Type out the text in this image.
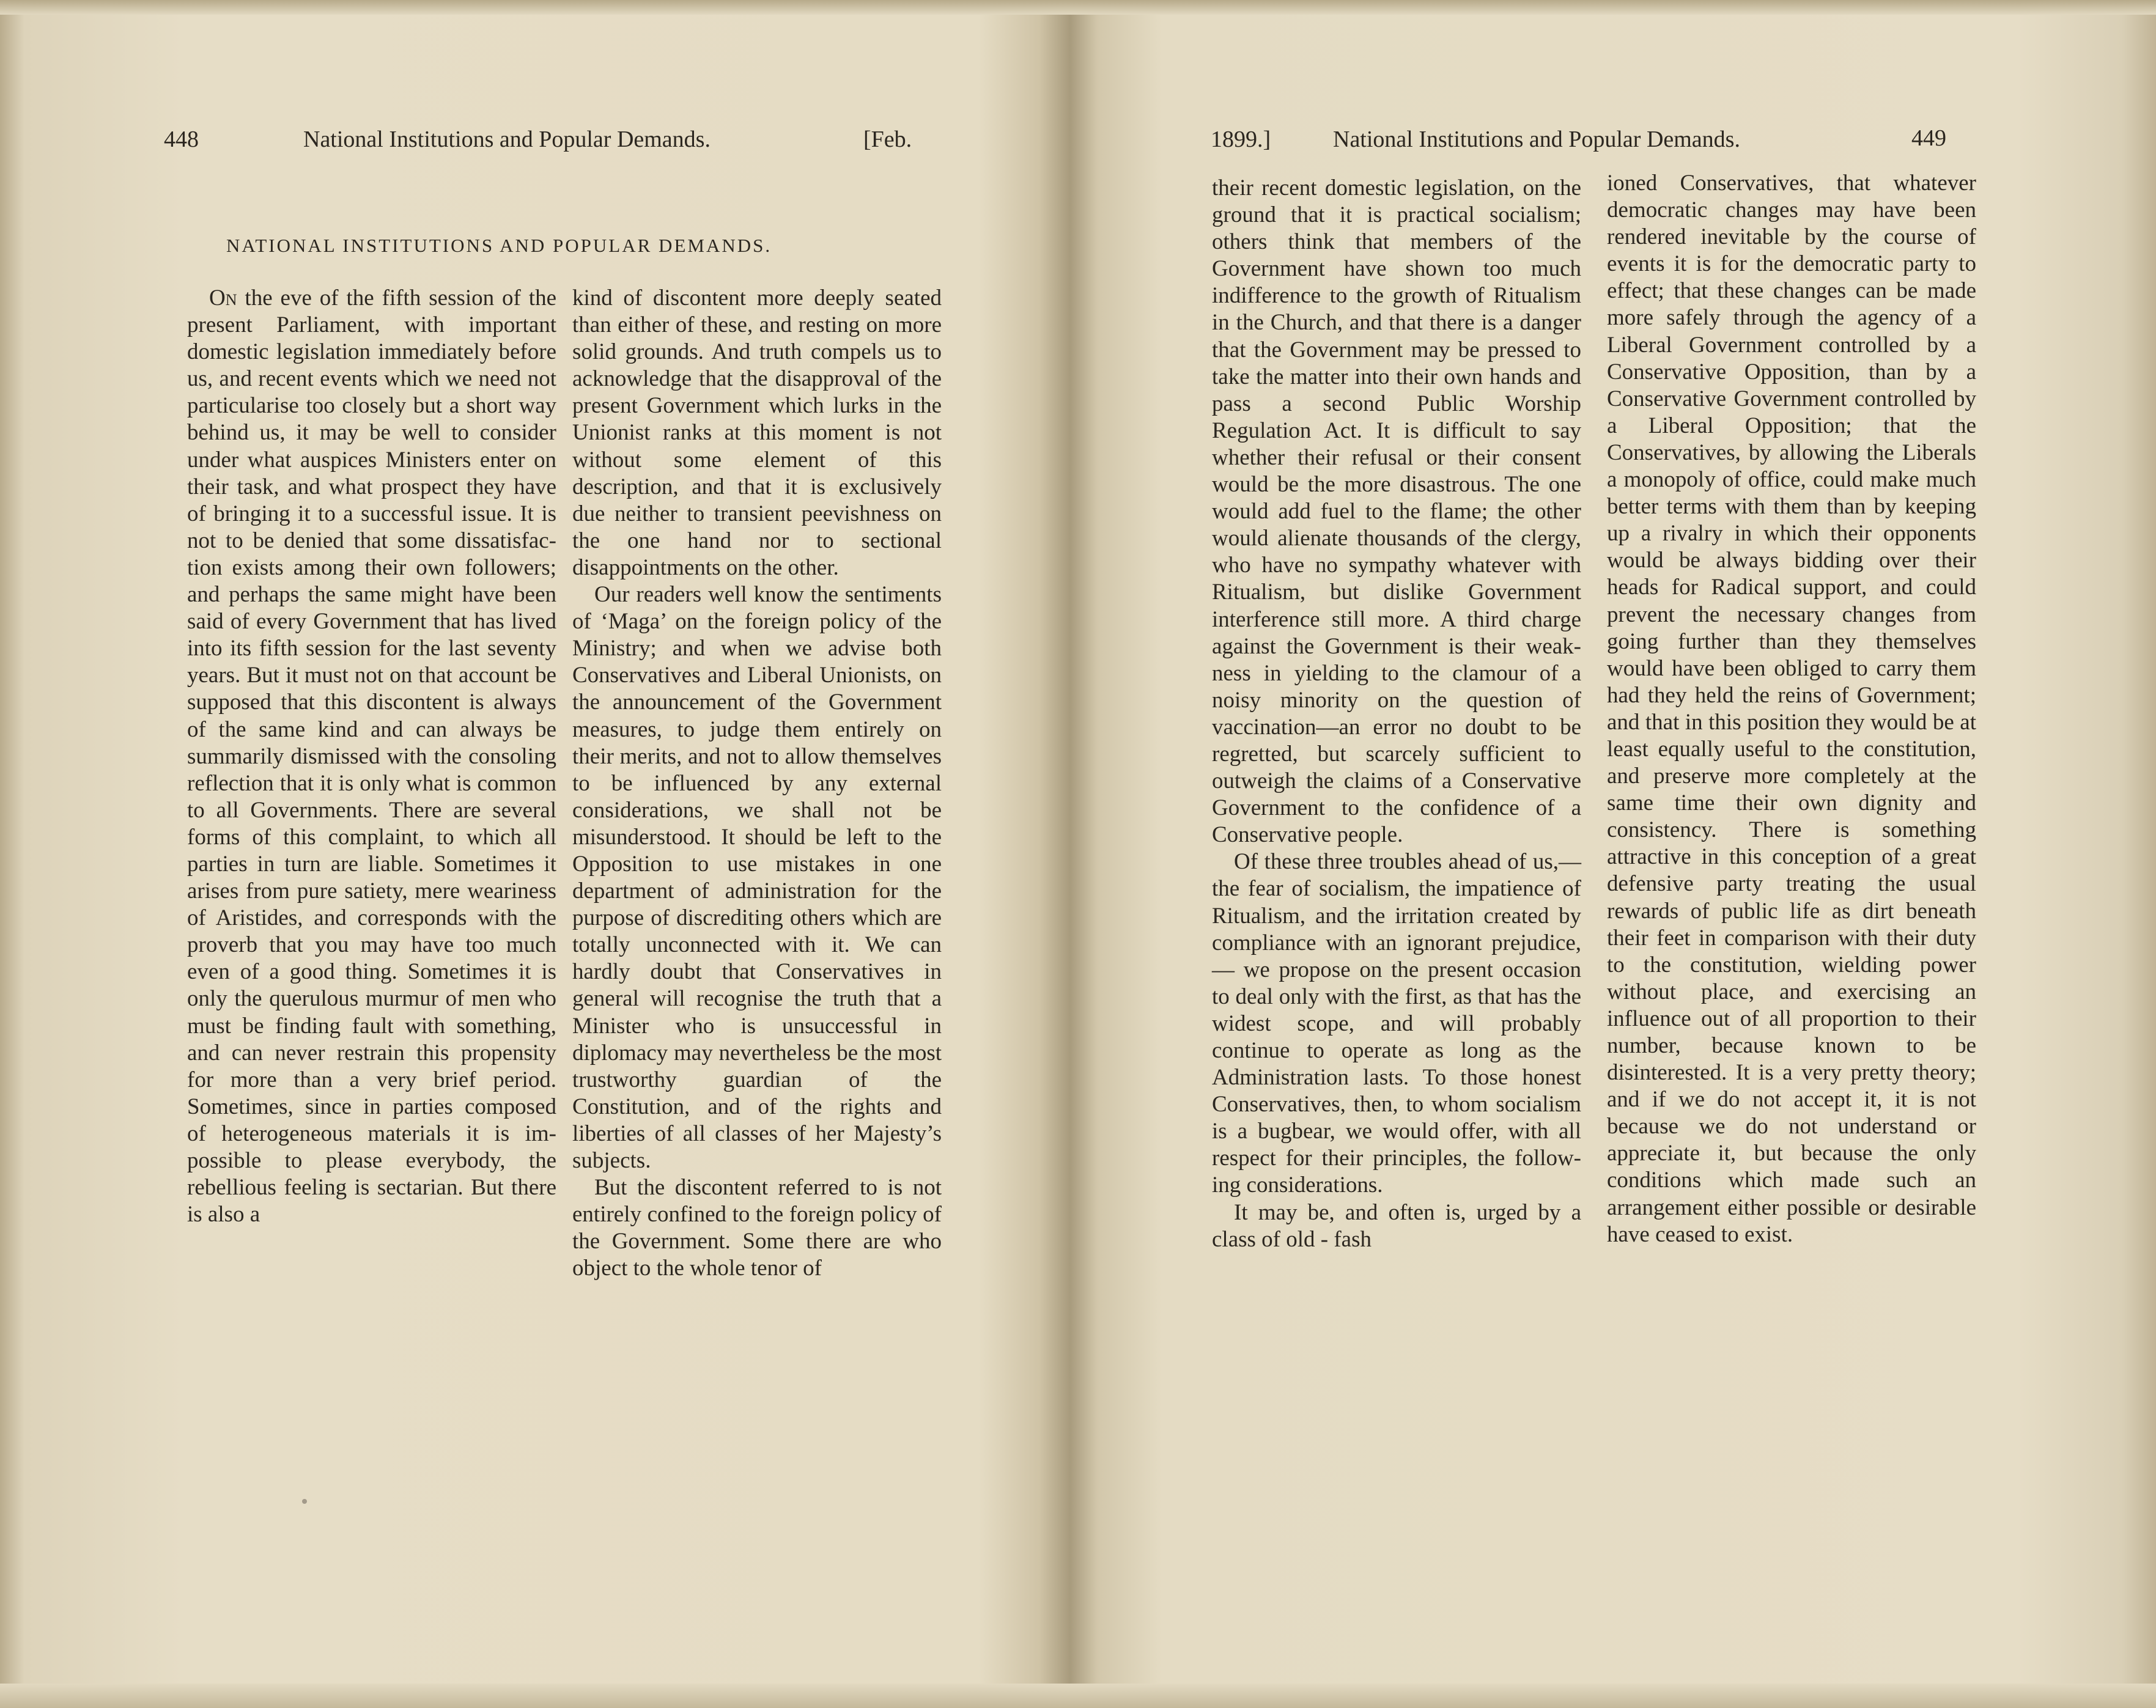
448	National Institutions and Popular Demands.	[Feb.
NATIONAL INSTITUTIONS AND POPULAR DEMANDS.

On the eve of the fifth session of the present Parliament, with important domestic legislation immediately before us, and recent events which we need not particularise too closely but a short way behind us, it may be well to consider under what auspices Ministers enter on their task, and what prospect they have of bringing it to a successful issue. It is not to be denied that some dissatisfaction exists among their own followers; and perhaps the same might have been said of every Government that has lived into its fifth session for the last seventy years. But it must not on that account be supposed that this discontent is always of the same kind and can always be summarily dismissed with the consoling reflection that it is only what is common to all Governments. There are several forms of this complaint, to which all parties in turn are liable. Sometimes it arises from pure satiety, mere weariness of Aristides, and corresponds with the proverb that you may have too much even of a good thing. Sometimes it is only the querulous murmur of men who must be finding fault with something, and can never restrain this propensity for more than a very brief period. Sometimes, since in parties composed of heterogeneous materials it is impossible to please everybody, the rebellious feeling is sectarian. But there is also a

kind of discontent more deeply seated than either of these, and resting on more solid grounds. And truth compels us to acknowledge that the disapproval of the present Government which lurks in the Unionist ranks at this moment is not without some element of this description, and that it is exclusively due neither to transient peevishness on the one hand nor to sectional disappointments on the other.

Our readers well know the sentiments of ‘Maga’ on the foreign policy of the Ministry; and when we advise both Conservatives and Liberal Unionists, on the announcement of the Government measures, to judge them entirely on their merits, and not to allow themselves to be influenced by any external considerations, we shall not be misunderstood. It should be left to the Opposition to use mistakes in one department of administration for the purpose of discrediting others which are totally unconnected with it. We can hardly doubt that Conservatives in general will recognise the truth that a Minister who is unsuccessful in diplomacy may nevertheless be the most trustworthy guardian of the Constitution, and of the rights and liberties of all classes of her Majesty’s subjects.

But the discontent referred to is not entirely confined to the foreign policy of the Government. Some there are who object to the whole tenor of

1899.]	National Institutions and Popular Demands.	449

their recent domestic legislation, on the ground that it is practical socialism; others think that members of the Government have shown too much indifference to the growth of Ritualism in the Church, and that there is a danger that the Government may be pressed to take the matter into their own hands and pass a second Public Worship Regulation Act. It is difficult to say whether their refusal or their consent would be the more disastrous. The one would add fuel to the flame; the other would alienate thousands of the clergy, who have no sympathy whatever with Ritualism, but dislike Government interference still more. A third charge against the Government is their weakness in yielding to the clamour of a noisy minority on the question of vaccination—an error no doubt to be regretted, but scarcely sufficient to outweigh the claims of a Conservative Government to the confidence of a Conservative people.

Of these three troubles ahead of us,—the fear of socialism, the impatience of Ritualism, and the irritation created by compliance with an ignorant prejudice, — we propose on the present occasion to deal only with the first, as that has the widest scope, and will probably continue to operate as long as the Administration lasts. To those honest Conservatives, then, to whom socialism is a bugbear, we would offer, with all respect for their principles, the following considerations.

It may be, and often is, urged by a class of old - fash

ioned Conservatives, that whatever democratic changes may have been rendered inevitable by the course of events it is for the democratic party to effect; that these changes can be made more safely through the agency of a Liberal Government controlled by a Conservative Opposition, than by a Conservative Government controlled by a Liberal Opposition; that the Conservatives, by allowing the Liberals a monopoly of office, could make much better terms with them than by keeping up a rivalry in which their opponents would be always bidding over their heads for Radical support, and could prevent the necessary changes from going further than they themselves would have been obliged to carry them had they held the reins of Government; and that in this position they would be at least equally useful to the constitution, and preserve more completely at the same time their own dignity and consistency. There is something attractive in this conception of a great defensive party treating the usual rewards of public life as dirt beneath their feet in comparison with their duty to the constitution, wielding power without place, and exercising an influence out of all proportion to their number, because known to be disinterested. It is a very pretty theory; and if we do not accept it, it is not because we do not understand or appreciate it, but because the only conditions which made such an arrangement either possible or desirable have ceased to exist.
